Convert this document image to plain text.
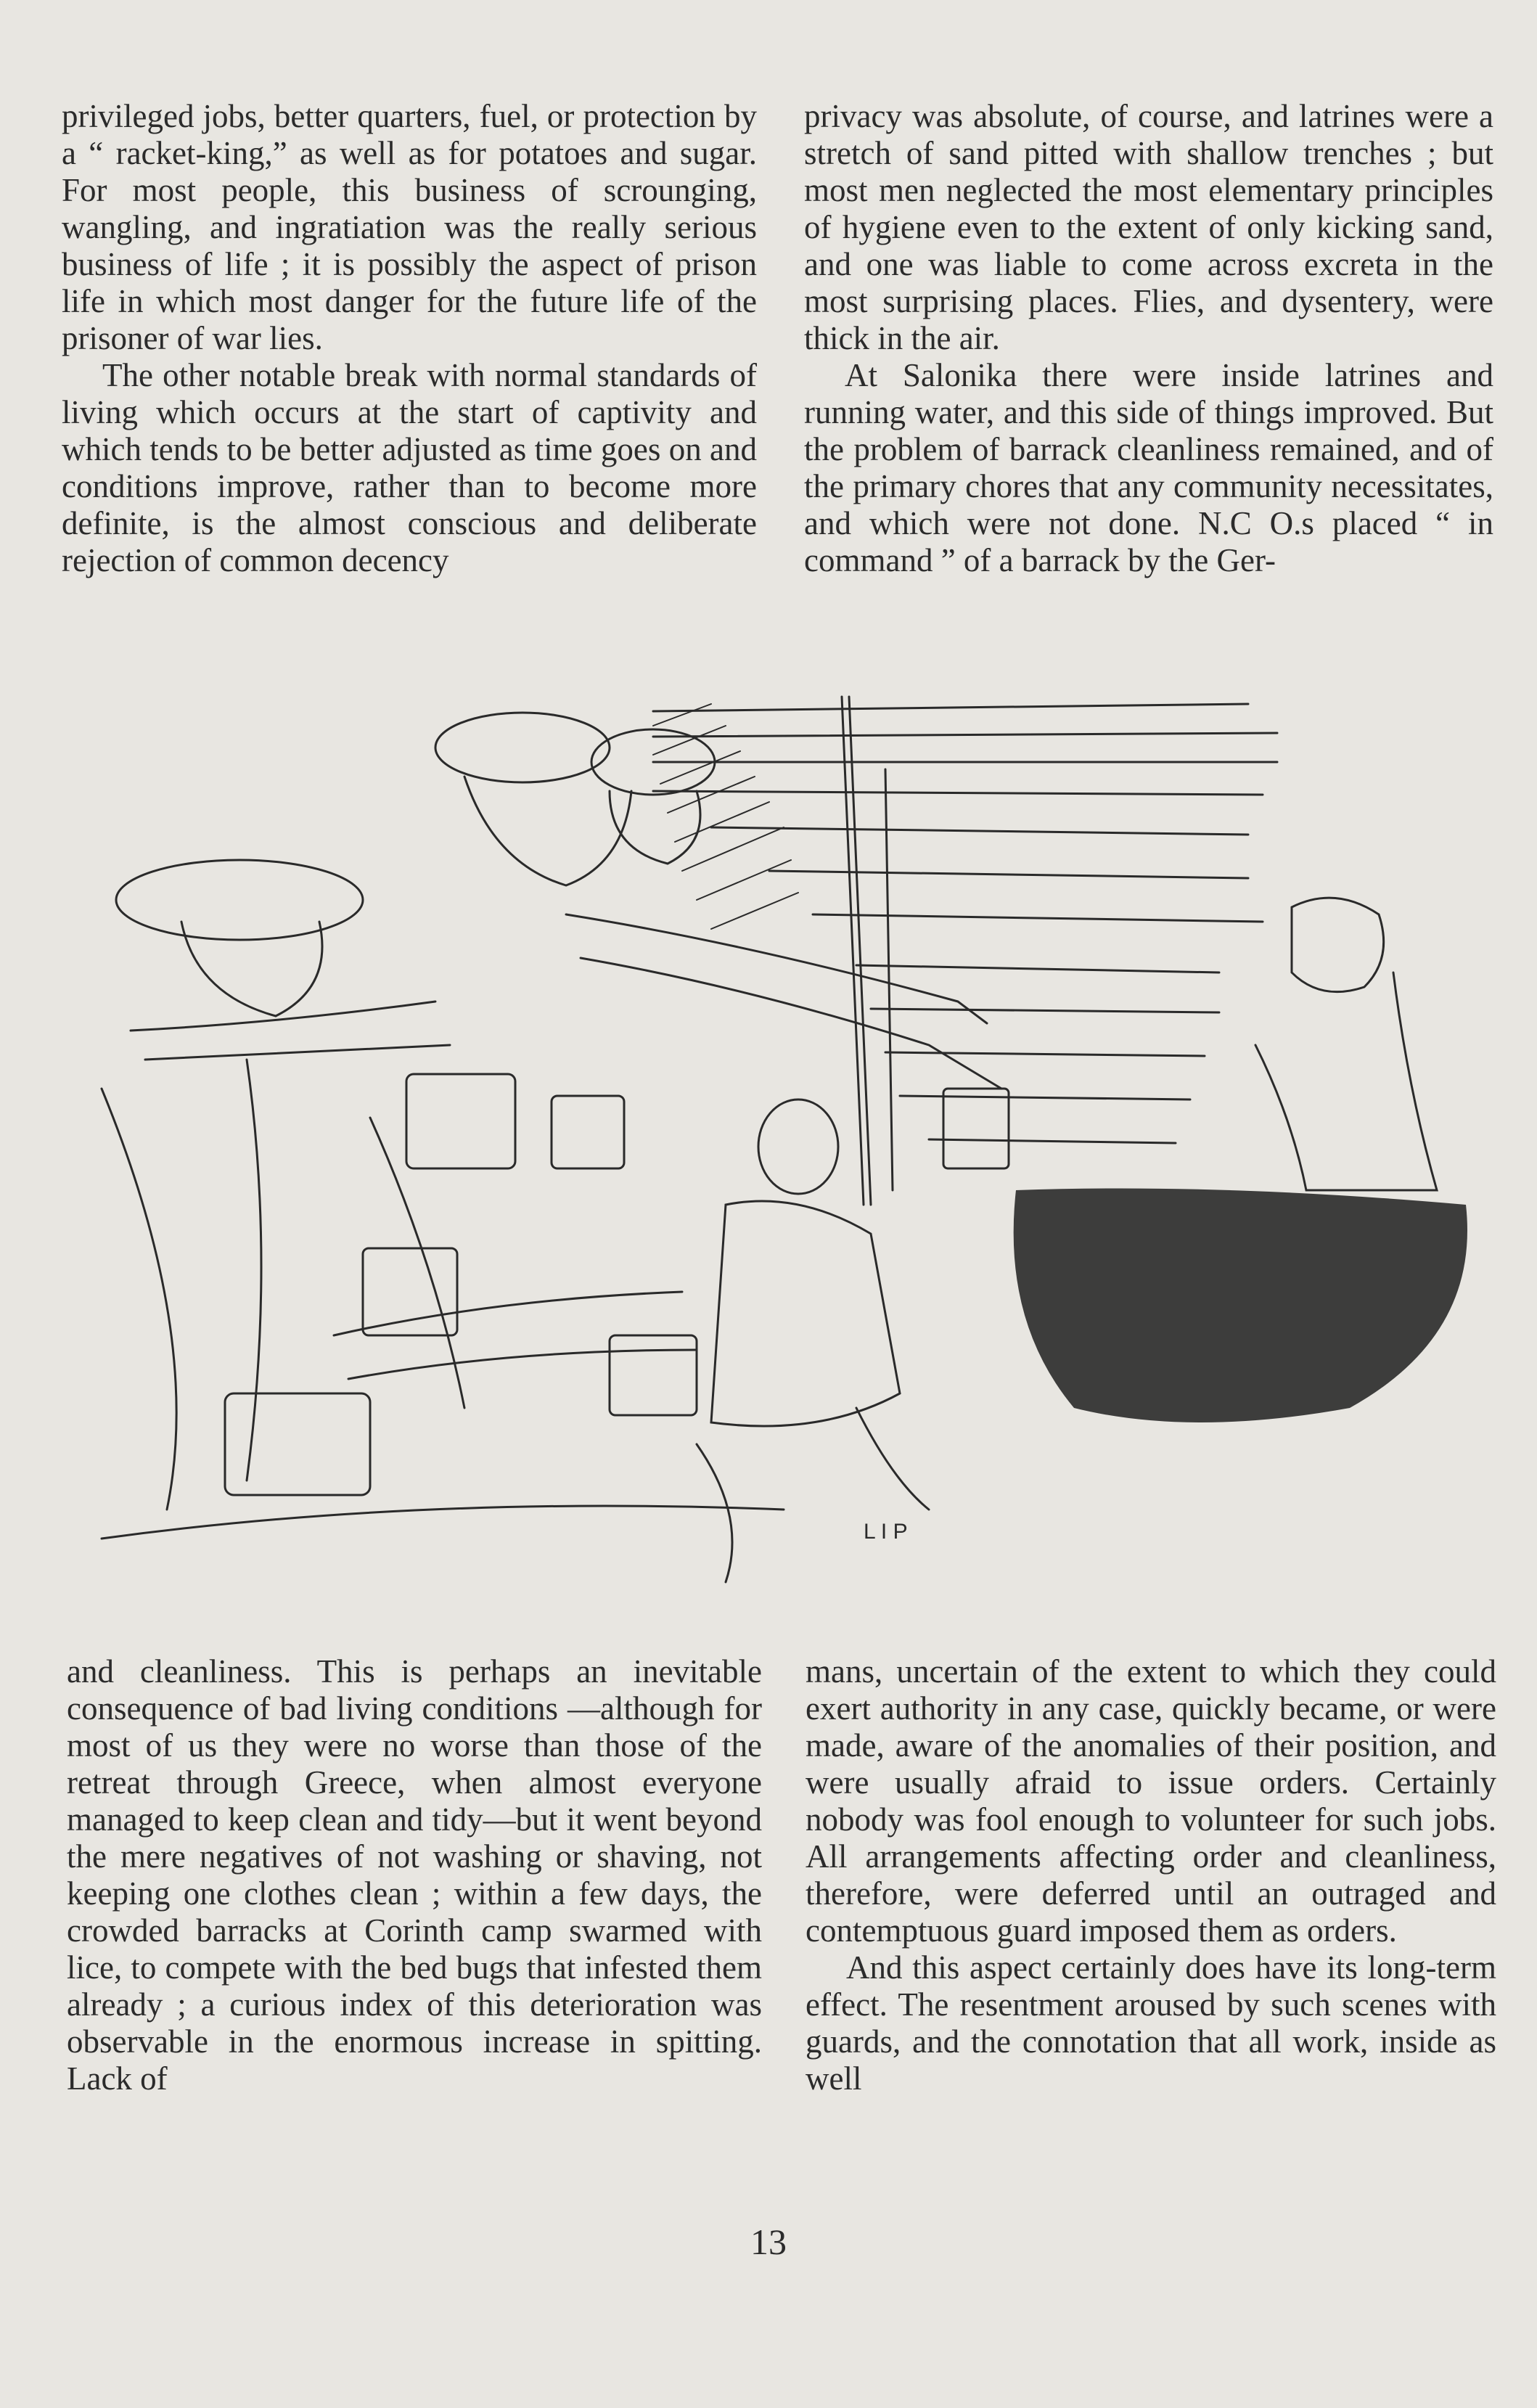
privileged jobs, better quarters, fuel, or protection by a “ racket-king,” as well as for potatoes and sugar. For most people, this business of scrounging, wangling, and ingratiation was the really serious business of life ; it is possibly the aspect of prison life in which most danger for the future life of the prisoner of war lies.

The other notable break with normal standards of living which occurs at the start of captivity and which tends to be better adjusted as time goes on and conditions improve, rather than to become more definite, is the almost conscious and deliberate rejection of common decency

privacy was absolute, of course, and latrines were a stretch of sand pitted with shallow trenches ; but most men neglected the most elementary principles of hygiene even to the extent of only kicking sand, and one was liable to come across excreta in the most surprising places. Flies, and dysentery, were thick in the air.

At Salonika there were inside latrines and running water, and this side of things improved. But the problem of barrack cleanliness remained, and of the primary chores that any community necessitates, and which were not done. N.C O.s placed “ in command ” of a barrack by the Ger-

L I P

and cleanliness. This is perhaps an inevitable consequence of bad living conditions —although for most of us they were no worse than those of the retreat through Greece, when almost everyone managed to keep clean and tidy—but it went beyond the mere negatives of not washing or shaving, not keeping one clothes clean ; within a few days, the crowded barracks at Corinth camp swarmed with lice, to compete with the bed bugs that infested them already ; a curious index of this deterioration was observable in the enormous increase in spitting. Lack of

mans, uncertain of the extent to which they could exert authority in any case, quickly became, or were made, aware of the anomalies of their position, and were usually afraid to issue orders. Certainly nobody was fool enough to volunteer for such jobs. All arrangements affecting order and cleanliness, therefore, were deferred until an outraged and contemptuous guard imposed them as orders.

And this aspect certainly does have its long-term effect. The resentment aroused by such scenes with guards, and the connotation that all work, inside as well

13
